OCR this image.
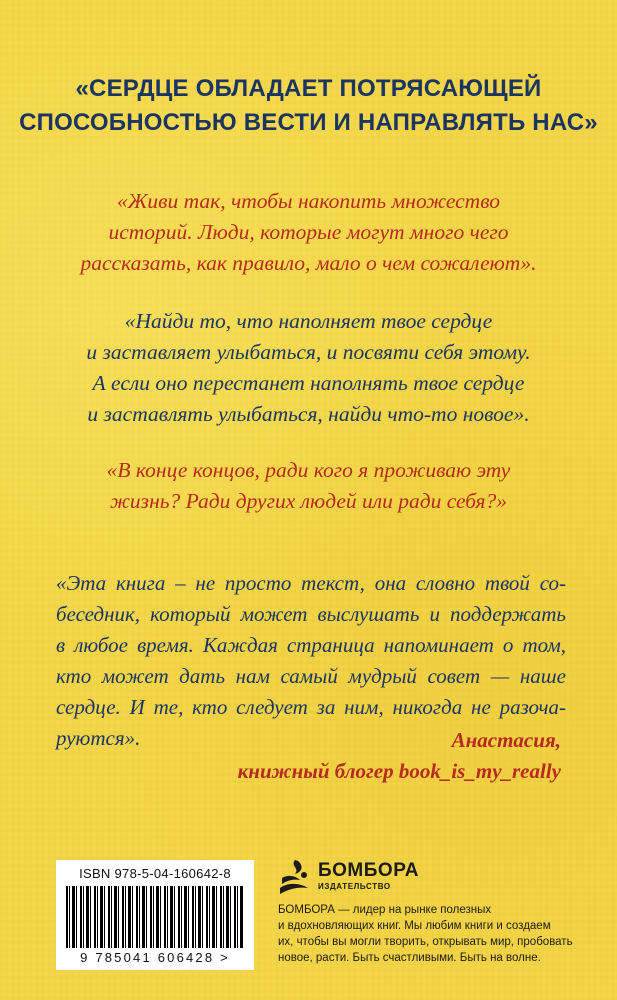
«СЕРДЦЕ ОБЛАДАЕТ ПОТРЯСАЮЩЕЙ
СПОСОБНОСТЬЮ ВЕСТИ И НАПРАВЛЯТЬ НАС»
«Живи так, чтобы накопить множество
историй. Люди, которые могут много чего
рассказать, как правило, мало о чем сожалеют».
«Найди то, что наполняет твое сердце
и заставляет улыбаться, и посвяти себя этому.
А если оно перестанет наполнять твое сердце
и заставлять улыбаться, найди что-то новое».
«В конце концов, ради кого я проживаю эту
жизнь? Ради других людей или ради себя?»
«Эта книга – не просто текст, она словно твой со-
беседник, который может выслушать и поддержать
в любое время. Каждая страница напоминает о том,
кто может дать нам самый мудрый совет — наше
сердце. И те, кто следует за ним, никогда не разоча-
руются».	Анастасия,
книжный блогер book_is_my_really
ISBN 978-5-04-160642-8
9 785041 606428 >
БОМБОРА
ИЗДАТЕЛЬСТВО
БОМБОРА — лидер на рынке полезных
и вдохновляющих книг. Мы любим книги и создаем
их, чтобы вы могли творить, открывать мир, пробовать
новое, расти. Быть счастливыми. Быть на волне.
